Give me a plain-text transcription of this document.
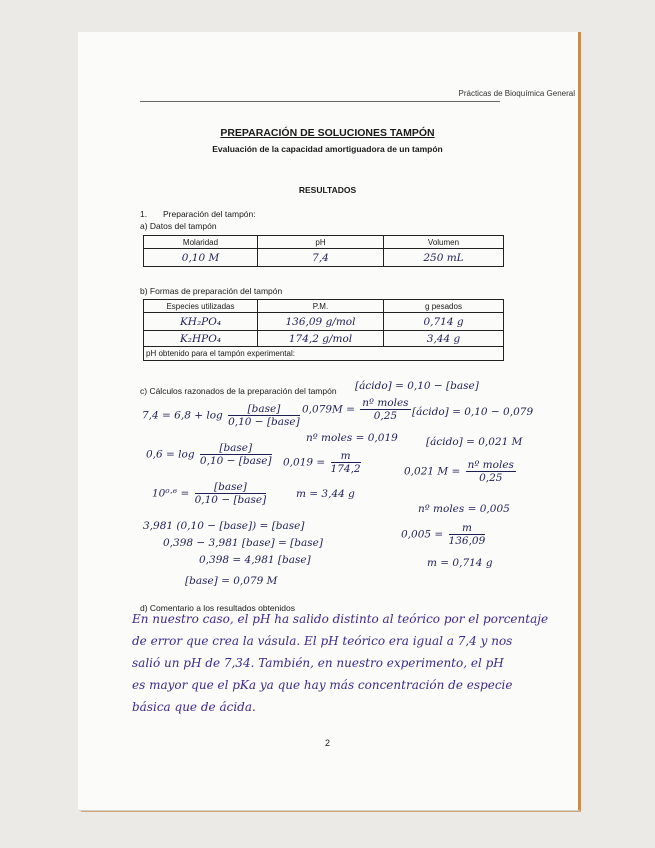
Prácticas de Bioquímica General
PREPARACIÓN DE SOLUCIONES TAMPÓN
Evaluación de la capacidad amortiguadora de un tampón
RESULTADOS
1. Preparación del tampón:
a) Datos del tampón
Molaridad	pH	Volumen
0,10 M	7,4	250 mL
b) Formas de preparación del tampón
Especies utilizadas	P.M.	g pesados
KH₂PO₄	136,09 g/mol	0,714 g
K₂HPO₄	174,2 g/mol	3,44 g
pH obtenido para el tampón experimental:		
c) Cálculos razonados de la preparación del tampón [ácido] = 0,10 − [base]
$7,4 = 6,8 + \log \frac{\text{[base]}}{\text{0,10 − [base]}}$
$0,6 = \log \frac{\text{[base]}}{\text{0,10 − [base]}}$
$10^0\cdot^6 = \frac{\text{[base]}}{\text{0,10 − [base]}}$
3,981 (0,10 − [base]) = [base]
0,398 − 3,981 [base] = [base]
0,398 = 4,981 [base]
[base] = 0,079 M
$0,079M = \frac{\text{nº moles}}{0,25}$
nº moles = 0,019
$0,019 = \frac{m}{174,2}$
m = 3,44 g
[ácido] = 0,10 − 0,079
[ácido] = 0,021 M
0,021 $M = \frac{\text{nº moles}}{0,25}$
nº moles = 0,005
$0,005 = \frac{m}{136,09}$
m = 0,714 g
d) Comentario a los resultados obtenidos
En nuestro caso, el pH ha salido distinto al teórico por el porcentaje
de error que crea la vásula. El pH teórico era igual a 7,4 y nos
salió un pH de 7,34. También, en nuestro experimento, el pH
es mayor que el pKa ya que hay más concentración de especie
básica que de ácida.
2
